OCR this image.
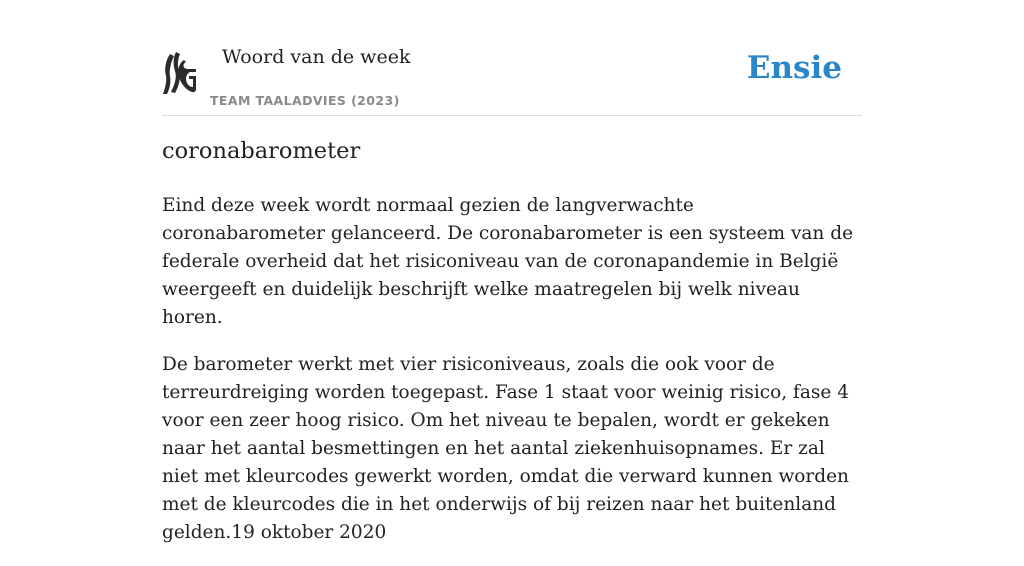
Woord van de week
TEAM TAALADVIES (2023)
Ensie
coronabarometer

Eind deze week wordt normaal gezien de langverwachte coronabarometer gelanceerd. De coronabarometer is een systeem van de federale overheid dat het risiconiveau van de coronapandemie in België weergeeft en duidelijk beschrijft welke maatregelen bij welk niveau horen.

De barometer werkt met vier risiconiveaus, zoals die ook voor de terreurdreiging worden toegepast. Fase 1 staat voor weinig risico, fase 4 voor een zeer hoog risico. Om het niveau te bepalen, wordt er gekeken naar het aantal besmettingen en het aantal ziekenhuisopnames. Er zal niet met kleurcodes gewerkt worden, omdat die verward kunnen worden met de kleurcodes die in het onderwijs of bij reizen naar het buitenland gelden.19 oktober 2020
